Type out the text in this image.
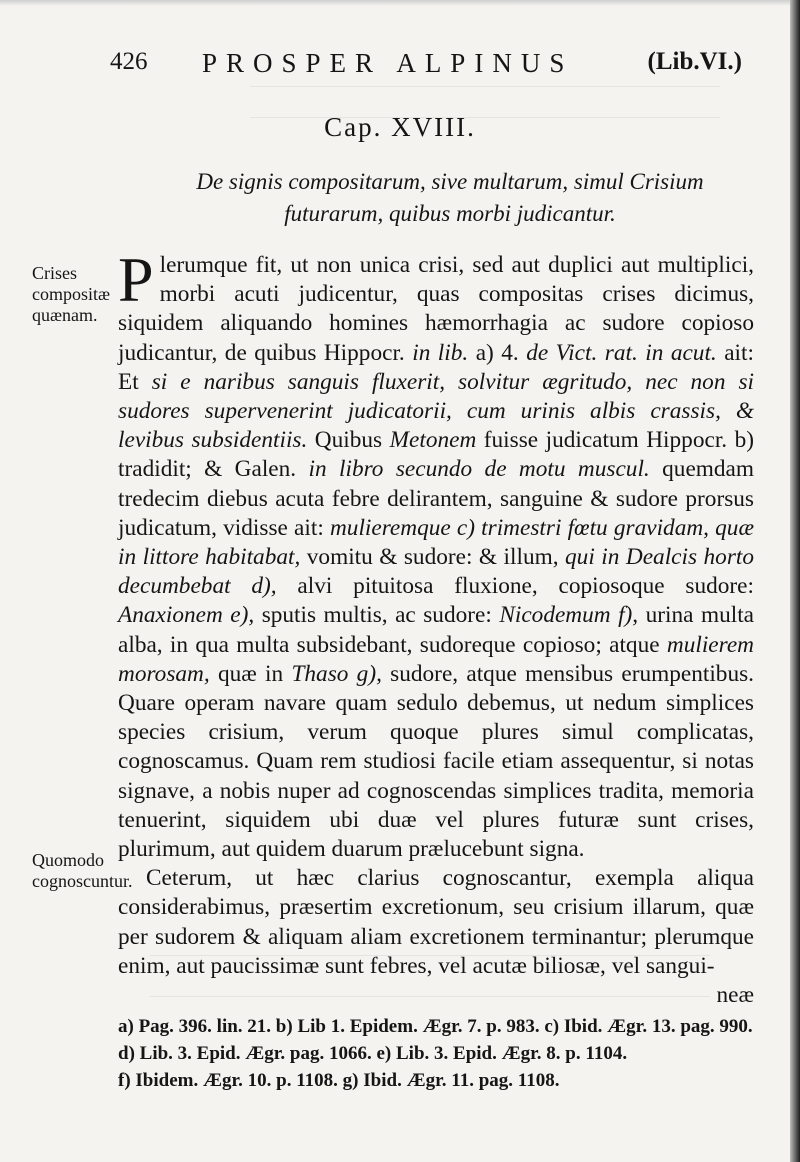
426 PROSPER ALPINUS	(Lib.VI.)
Cap. XVIII.
De signis compositarum, sive multarum, simul Crisium futurarum, quibus morbi judicantur.
Crises compositæ quænam.
Quomodo cognoscuntur.

Plerumque fit, ut non unica crisi, sed aut duplici aut multiplici, morbi acuti judicentur, quas compositas crises dicimus, siquidem aliquando homines hæmorrhagia ac sudore copioso judicantur, de quibus Hippocr. in lib. a) 4. de Vict. rat. in acut. ait: Et si e naribus sanguis fluxerit, solvitur ægritudo, nec non si sudores supervenerint judicatorii, cum urinis albis crassis, & levibus subsidentiis. Quibus Metonem fuisse judicatum Hippocr. b) tradidit; & Galen. in libro secundo de motu muscul. quemdam tredecim diebus acuta febre delirantem, sanguine & sudore prorsus judicatum, vidisse ait: mulieremque c) trimestri fœtu gravidam, quæ in littore habitabat, vomitu & sudore: & illum, qui in Dealcis horto decumbebat d), alvi pituitosa fluxione, copiosoque sudore: Anaxionem e), sputis multis, ac sudore: Nicodemum f), urina multa alba, in qua multa subsidebant, sudoreque copioso; atque mulierem morosam, quæ in Thaso g), sudore, atque mensibus erumpentibus. Quare operam navare quam sedulo debemus, ut nedum simplices species crisium, verum quoque plures simul complicatas, cognoscamus. Quam rem studiosi facile etiam assequentur, si notas signave, a nobis nuper ad cognoscendas simplices tradita, memoria tenuerint, siquidem ubi duæ vel plures futuræ sunt crises, plurimum, aut quidem duarum prælucebunt signa.

Ceterum, ut hæc clarius cognoscantur, exempla aliqua considerabimus, præsertim excretionum, seu crisium illarum, quæ per sudorem & aliquam aliam excretionem terminantur; plerumque enim, aut paucissimæ sunt febres, vel acutæ biliosæ, vel sangui-

neæ

a) Pag. 396. lin. 21. b) Lib 1. Epidem. Ægr. 7. p. 983. c) Ibid. Ægr. 13. pag. 990.

d) Lib. 3. Epid. Ægr. pag. 1066. e) Lib. 3. Epid. Ægr. 8. p. 1104.

f) Ibidem. Ægr. 10. p. 1108. g) Ibid. Ægr. 11. pag. 1108.
